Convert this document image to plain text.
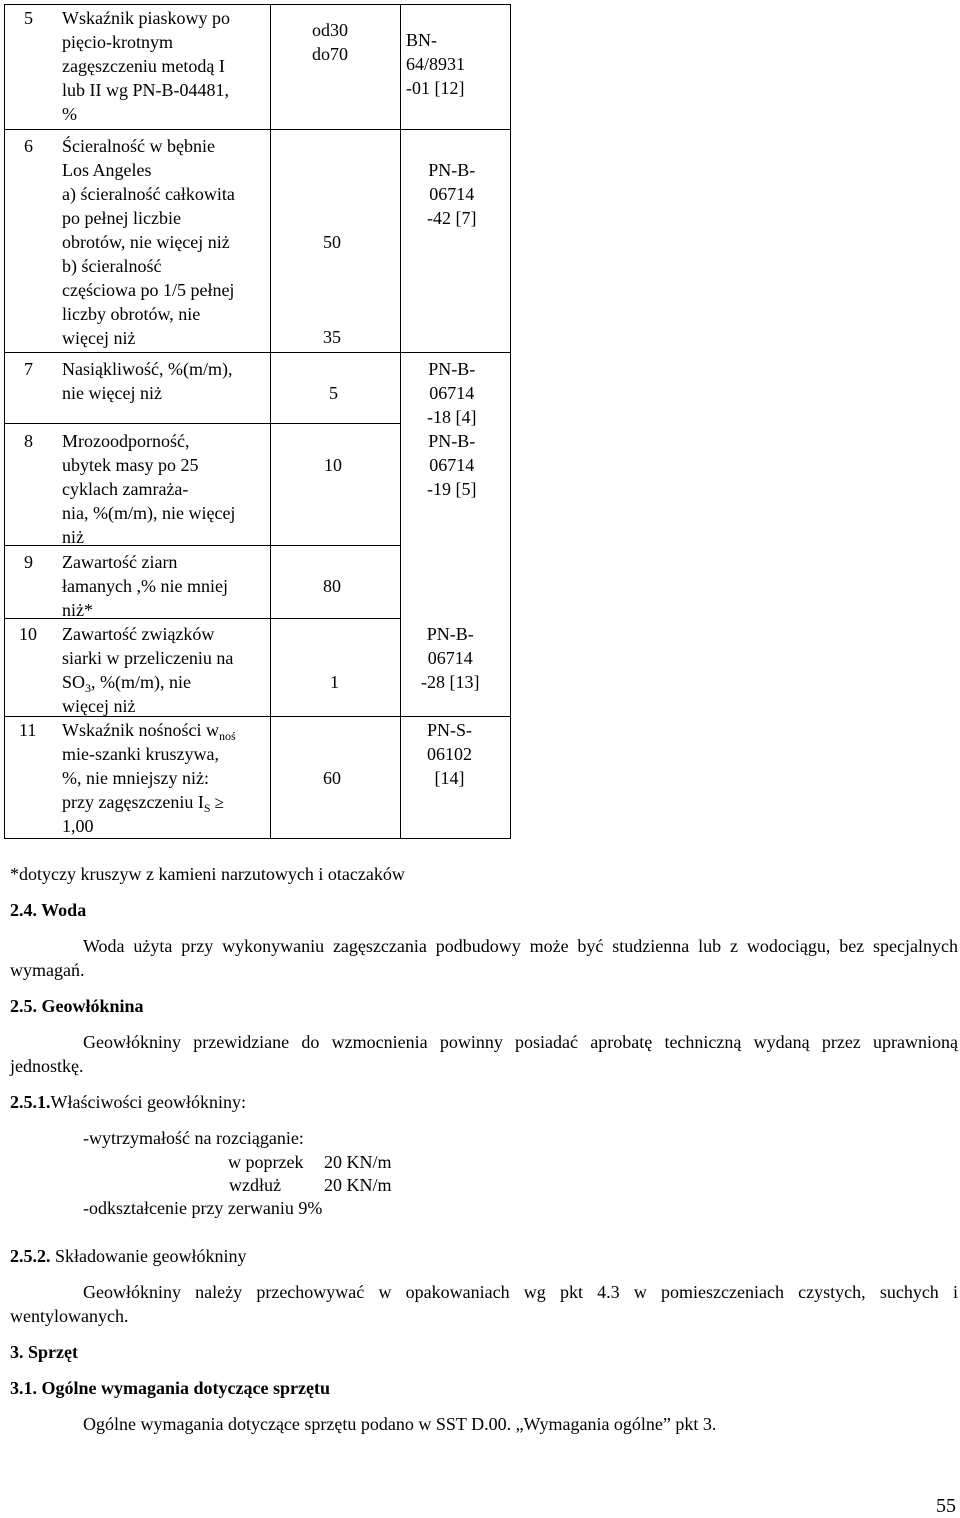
5 Wskaźnik piaskowy po
pięcio-krotnym
zagęszczeniu metodą I
lub II wg PN-B-04481,
%
od30
do70
BN-
64/8931
-01 [12]
6 Ścieralność w bębnie
Los Angeles
a) ścieralność całkowita
po pełnej liczbie
obrotów, nie więcej niż
b) ścieralność
częściowa po 1/5 pełnej
liczby obrotów, nie
więcej niż
50
35
PN-B-
06714
-42 [7]
7 Nasiąkliwość, %(m/m),
nie więcej niż	5
PN-B-
06714
-18 [4]
8 Mrozoodporność,
ubytek masy po 25
cyklach zamraża-
nia, %(m/m), nie więcej
niż
10
PN-B-
06714
-19 [5]
9 Zawartość ziarn
łamanych ,% nie mniej
niż*
80
10 Zawartość związków
siarki w przeliczeniu na
$SO_3$, %(m/m), nie
więcej niż
1
PN-B-
06714
-28 [13]
11 Wskaźnik nośności $w_{noś}$
mie-szanki kruszywa,
%, nie mniejszy niż:
przy zagęszczeniu $I_S$ ≥
1,00
60
PN-S-
06102
[14]
*dotyczy kruszyw z kamieni narzutowych i otaczaków
2.4. Woda
Woda użyta przy wykonywaniu zagęszczania podbudowy może być studzienna lub z wodociągu, bez specjalnych wymagań.
2.5. Geowłóknina
Geowłókniny przewidziane do wzmocnienia powinny posiadać aprobatę techniczną wydaną przez uprawnioną jednostkę.
2.5.1.Właściwości geowłókniny:
-wytrzymałość na rozciąganie:
w poprzek 20 KN/m
wzdłuż 20 KN/m
-odkształcenie przy zerwaniu 9%
2.5.2. Składowanie geowłókniny
Geowłókniny należy przechowywać w opakowaniach wg pkt 4.3 w pomieszczeniach czystych, suchych i wentylowanych.
3. Sprzęt
3.1. Ogólne wymagania dotyczące sprzętu
Ogólne wymagania dotyczące sprzętu podano w SST D.00. „Wymagania ogólne” pkt 3.
55
